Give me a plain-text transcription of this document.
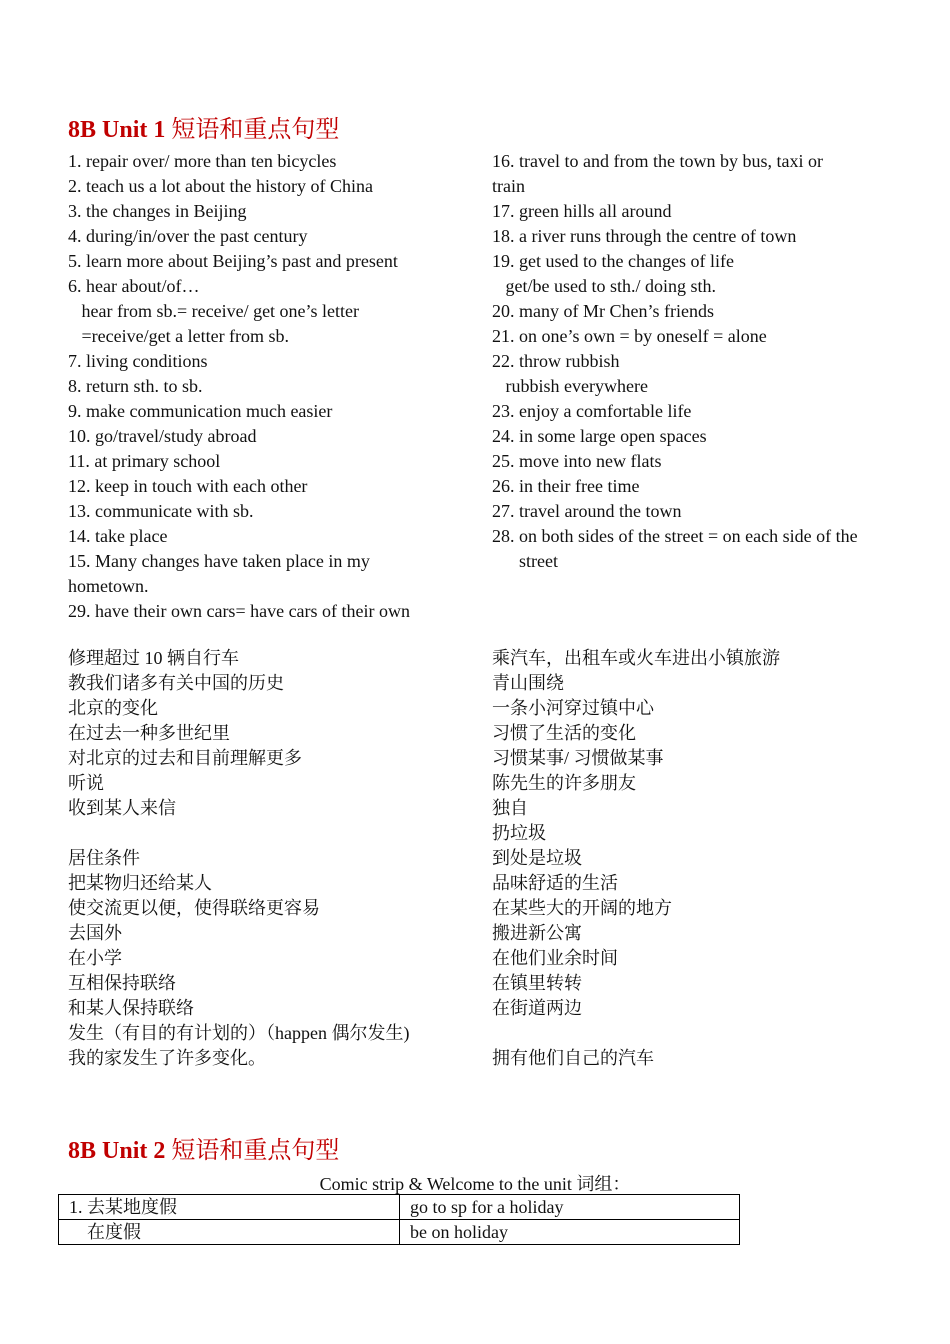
8B Unit 1 短语和重点句型
1. repair over/ more than ten bicycles
2. teach us a lot about the history of China
3. the changes in Beijing
4. during/in/over the past century
5. learn more about Beijing’s past and present
6. hear about/of…
hear from sb.= receive/ get one’s letter
=receive/get a letter from sb.
7. living conditions
8. return sth. to sb.
9. make communication much easier
10. go/travel/study abroad
11. at primary school
12. keep in touch with each other
13. communicate with sb.
14. take place
15. Many changes have taken place in my
hometown.
29. have their own cars= have cars of their own
16. travel to and from the town by bus, taxi or
train
17. green hills all around
18. a river runs through the centre of town
19. get used to the changes of life
get/be used to sth./ doing sth.
20. many of Mr Chen’s friends
21. on one’s own = by oneself = alone
22. throw rubbish
rubbish everywhere
23. enjoy a comfortable life
24. in some large open spaces
25. move into new flats
26. in their free time
27. travel around the town
28. on both sides of the street = on each side of the
street
修理超过 10 辆自行车
教我们诸多有关中国的历史
北京的变化
在过去一种多世纪里
对北京的过去和目前理解更多
听说
收到某人来信
居住条件
把某物归还给某人
使交流更以便，使得联络更容易
去国外
在小学
互相保持联络
和某人保持联络
发生（有目的有计划的）（happen 偶尔发生)
我的家发生了许多变化。
乘汽车，出租车或火车进出小镇旅游
青山围绕
一条小河穿过镇中心
习惯了生活的变化
习惯某事/ 习惯做某事
陈先生的许多朋友
独自
扔垃圾
到处是垃圾
品味舒适的生活
在某些大的开阔的地方
搬进新公寓
在他们业余时间
在镇里转转
在街道两边
拥有他们自己的汽车
8B Unit 2 短语和重点句型
Comic strip & Welcome to the unit 词组：
1. 去某地度假	go to sp for a holiday
在度假	be on holiday
